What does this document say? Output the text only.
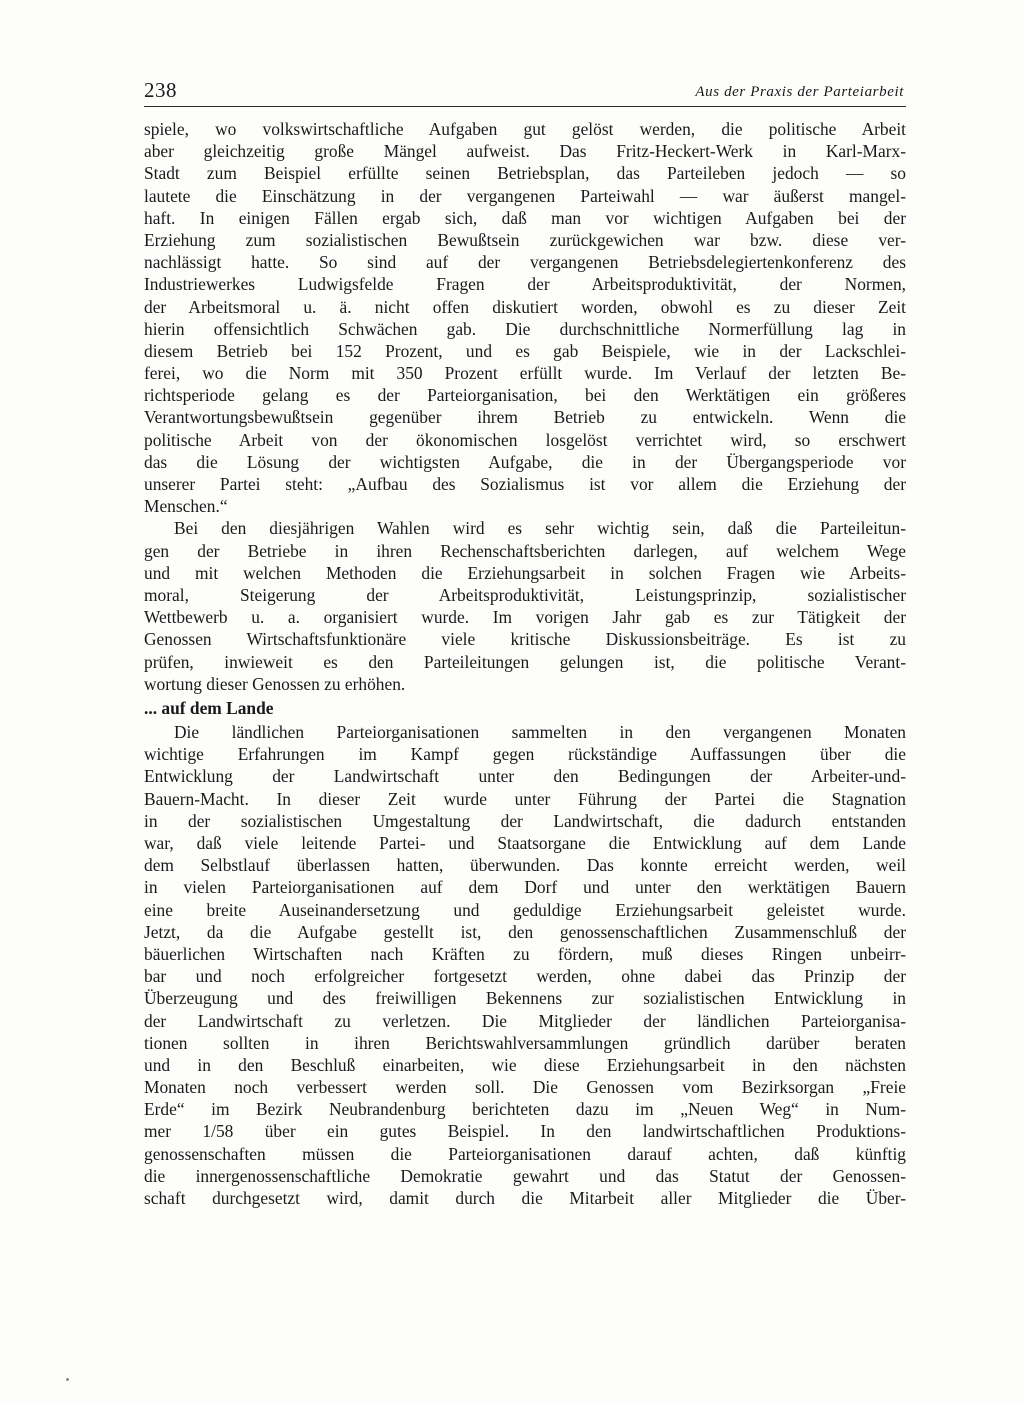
238	Aus der Praxis der Parteiarbeit
spiele, wo volkswirtschaftliche Aufgaben gut gelöst werden, die politische Arbeit
aber gleichzeitig große Mängel aufweist. Das Fritz-Heckert-Werk in Karl-Marx-
Stadt zum Beispiel erfüllte seinen Betriebsplan, das Parteileben jedoch — so
lautete die Einschätzung in der vergangenen Parteiwahl — war äußerst mangel-
haft. In einigen Fällen ergab sich, daß man vor wichtigen Aufgaben bei der
Erziehung zum sozialistischen Bewußtsein zurückgewichen war bzw. diese ver-
nachlässigt hatte. So sind auf der vergangenen Betriebsdelegiertenkonferenz des
Industriewerkes Ludwigsfelde Fragen der Arbeitsproduktivität, der Normen,
der Arbeitsmoral u. ä. nicht offen diskutiert worden, obwohl es zu dieser Zeit
hierin offensichtlich Schwächen gab. Die durchschnittliche Normerfüllung lag in
diesem Betrieb bei 152 Prozent, und es gab Beispiele, wie in der Lackschlei-
ferei, wo die Norm mit 350 Prozent erfüllt wurde. Im Verlauf der letzten Be-
richtsperiode gelang es der Parteiorganisation, bei den Werktätigen ein größeres
Verantwortungsbewußtsein gegenüber ihrem Betrieb zu entwickeln. Wenn die
politische Arbeit von der ökonomischen losgelöst verrichtet wird, so erschwert
das die Lösung der wichtigsten Aufgabe, die in der Übergangsperiode vor
unserer Partei steht: „Aufbau des Sozialismus ist vor allem die Erziehung der
Menschen.“
Bei den diesjährigen Wahlen wird es sehr wichtig sein, daß die Parteileitun-
gen der Betriebe in ihren Rechenschaftsberichten darlegen, auf welchem Wege
und mit welchen Methoden die Erziehungsarbeit in solchen Fragen wie Arbeits-
moral, Steigerung der Arbeitsproduktivität, Leistungsprinzip, sozialistischer
Wettbewerb u. a. organisiert wurde. Im vorigen Jahr gab es zur Tätigkeit der
Genossen Wirtschaftsfunktionäre viele kritische Diskussionsbeiträge. Es ist zu
prüfen, inwieweit es den Parteileitungen gelungen ist, die politische Verant-
wortung dieser Genossen zu erhöhen.
... auf dem Lande
Die ländlichen Parteiorganisationen sammelten in den vergangenen Monaten
wichtige Erfahrungen im Kampf gegen rückständige Auffassungen über die
Entwicklung der Landwirtschaft unter den Bedingungen der Arbeiter-und-
Bauern-Macht. In dieser Zeit wurde unter Führung der Partei die Stagnation
in der sozialistischen Umgestaltung der Landwirtschaft, die dadurch entstanden
war, daß viele leitende Partei- und Staatsorgane die Entwicklung auf dem Lande
dem Selbstlauf überlassen hatten, überwunden. Das konnte erreicht werden, weil
in vielen Parteiorganisationen auf dem Dorf und unter den werktätigen Bauern
eine breite Auseinandersetzung und geduldige Erziehungsarbeit geleistet wurde.
Jetzt, da die Aufgabe gestellt ist, den genossenschaftlichen Zusammenschluß der
bäuerlichen Wirtschaften nach Kräften zu fördern, muß dieses Ringen unbeirr-
bar und noch erfolgreicher fortgesetzt werden, ohne dabei das Prinzip der
Überzeugung und des freiwilligen Bekennens zur sozialistischen Entwicklung in
der Landwirtschaft zu verletzen. Die Mitglieder der ländlichen Parteiorganisa-
tionen sollten in ihren Berichtswahlversammlungen gründlich darüber beraten
und in den Beschluß einarbeiten, wie diese Erziehungsarbeit in den nächsten
Monaten noch verbessert werden soll. Die Genossen vom Bezirksorgan „Freie
Erde“ im Bezirk Neubrandenburg berichteten dazu im „Neuen Weg“ in Num-
mer 1/58 über ein gutes Beispiel. In den landwirtschaftlichen Produktions-
genossenschaften müssen die Parteiorganisationen darauf achten, daß künftig
die innergenossenschaftliche Demokratie gewahrt und das Statut der Genossen-
schaft durchgesetzt wird, damit durch die Mitarbeit aller Mitglieder die Über-
